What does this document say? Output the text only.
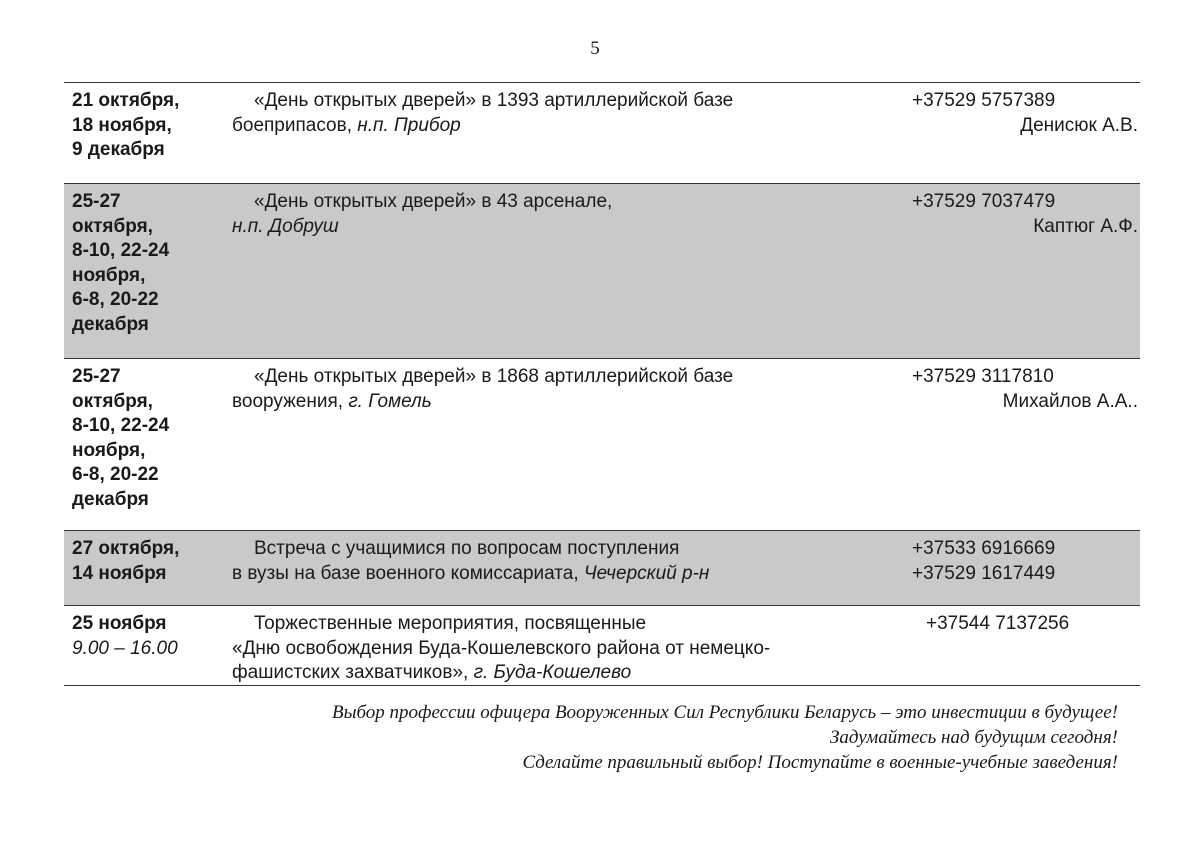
5
21 октября,
18 ноября,
9 декабря
«День открытых дверей» в 1393 артиллерийской базе
боеприпасов, н.п. Прибор
+37529 5757389
Денисюк А.В.
25-27
октября,
8-10, 22-24
ноября,
6-8, 20-22
декабря
«День открытых дверей» в 43 арсенале,
н.п. Добруш
+37529 7037479
Каптюг А.Ф.
25-27
октября,
8-10, 22-24
ноября,
6-8, 20-22
декабря
«День открытых дверей» в 1868 артиллерийской базе
вооружения, г. Гомель
+37529 3117810
Михайлов А.А..
27 октября,
14 ноября
Встреча с учащимися по вопросам поступления
в вузы на базе военного комиссариата, Чечерский р-н
+37533 6916669
+37529 1617449
25 ноября
9.00 – 16.00
Торжественные мероприятия, посвященные
«Дню освобождения Буда-Кошелевского района от немецко-
фашистских захватчиков», г. Буда-Кошелево
+37544 7137256
Выбор профессии офицера Вооруженных Сил Республики Беларусь – это инвестиции в будущее!
Задумайтесь над будущим сегодня!
Сделайте правильный выбор! Поступайте в военные-учебные заведения!
